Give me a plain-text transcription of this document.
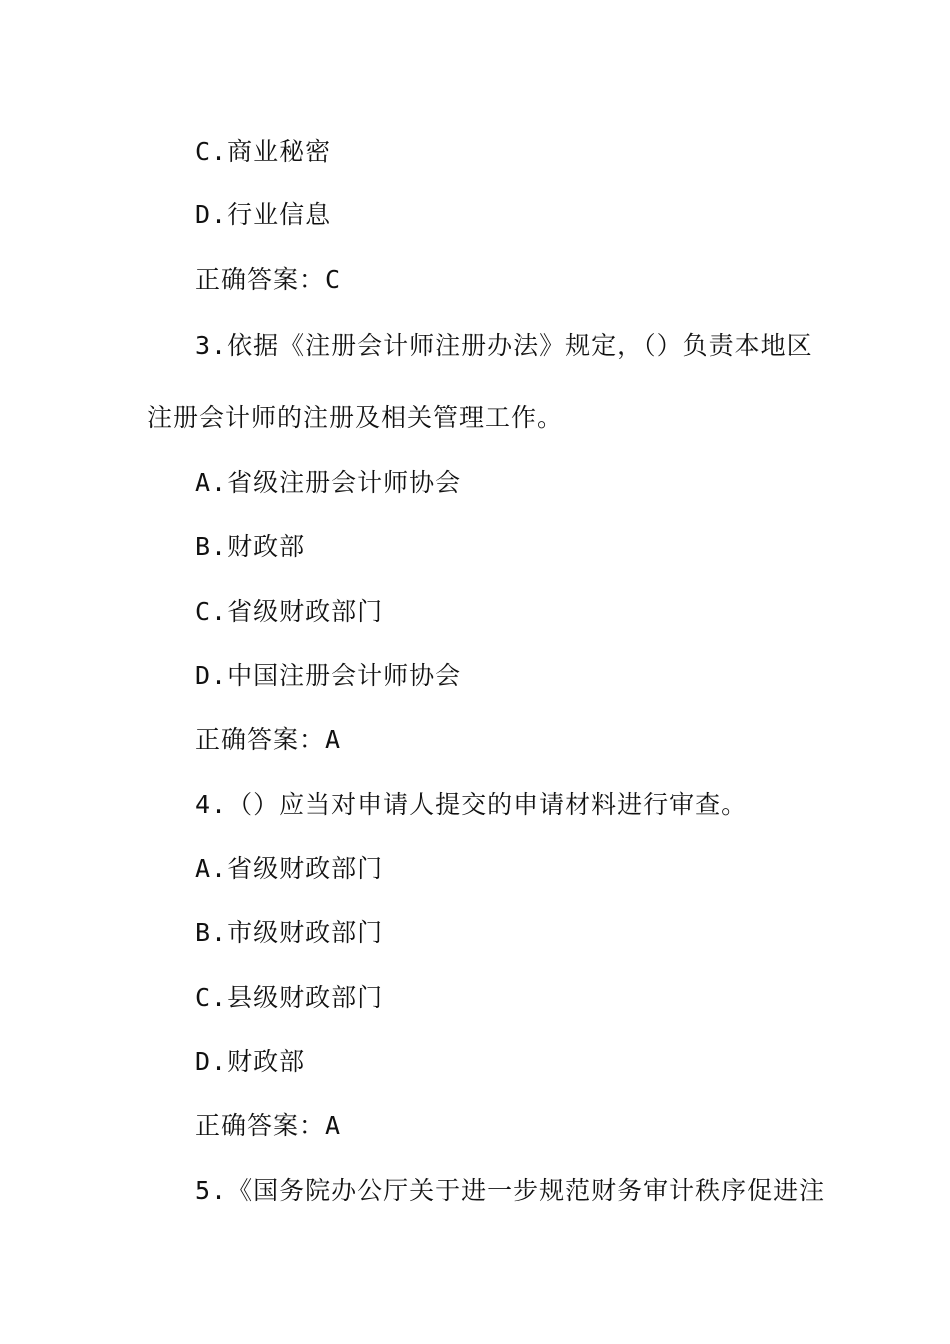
C.商业秘密
D.行业信息
正确答案：C
3.依据《注册会计师注册办法》规定，（）负责本地区
注册会计师的注册及相关管理工作。
A.省级注册会计师协会
B.财政部
C.省级财政部门
D.中国注册会计师协会
正确答案：A
4.（）应当对申请人提交的申请材料进行审查。
A.省级财政部门
B.市级财政部门
C.县级财政部门
D.财政部
正确答案：A
5.《国务院办公厅关于进一步规范财务审计秩序促进注
